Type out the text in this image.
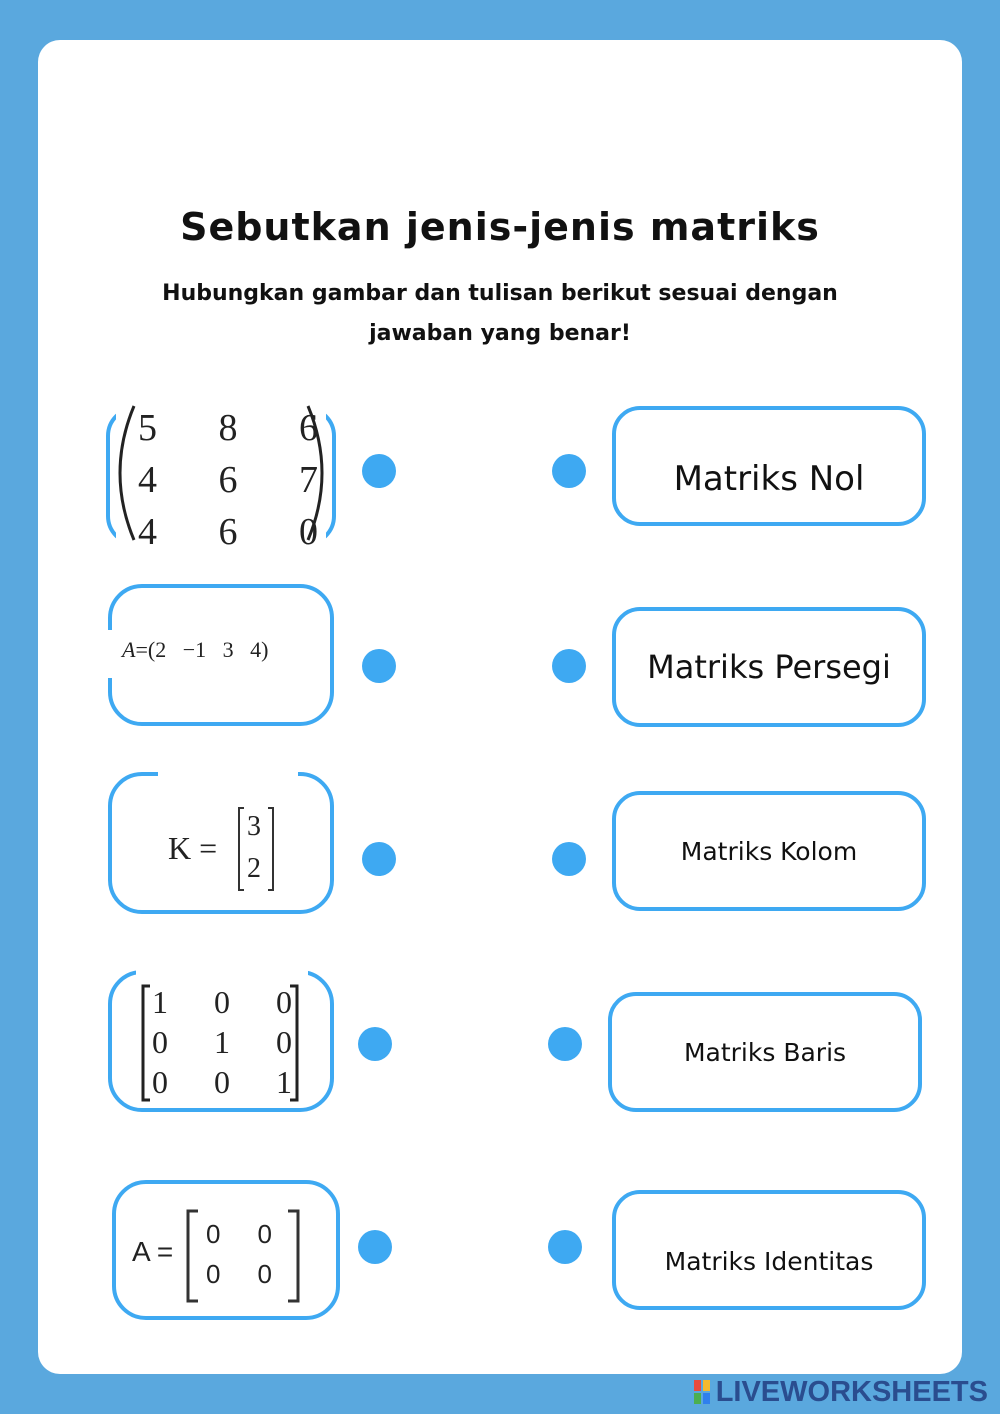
Sebutkan jenis-jenis matriks
Hubungkan gambar dan tulisan berikut sesuai dengan jawaban yang benar!
5 8 6
4 6 7
4 6 0
A=(2   −1   3   4)
K =
3
2
1 0 0
0 1 0
0 0 1
A =
0 0
0 0
Matriks Nol
Matriks Persegi
Matriks Kolom
Matriks Baris
Matriks Identitas
LIVEWORKSHEETS
